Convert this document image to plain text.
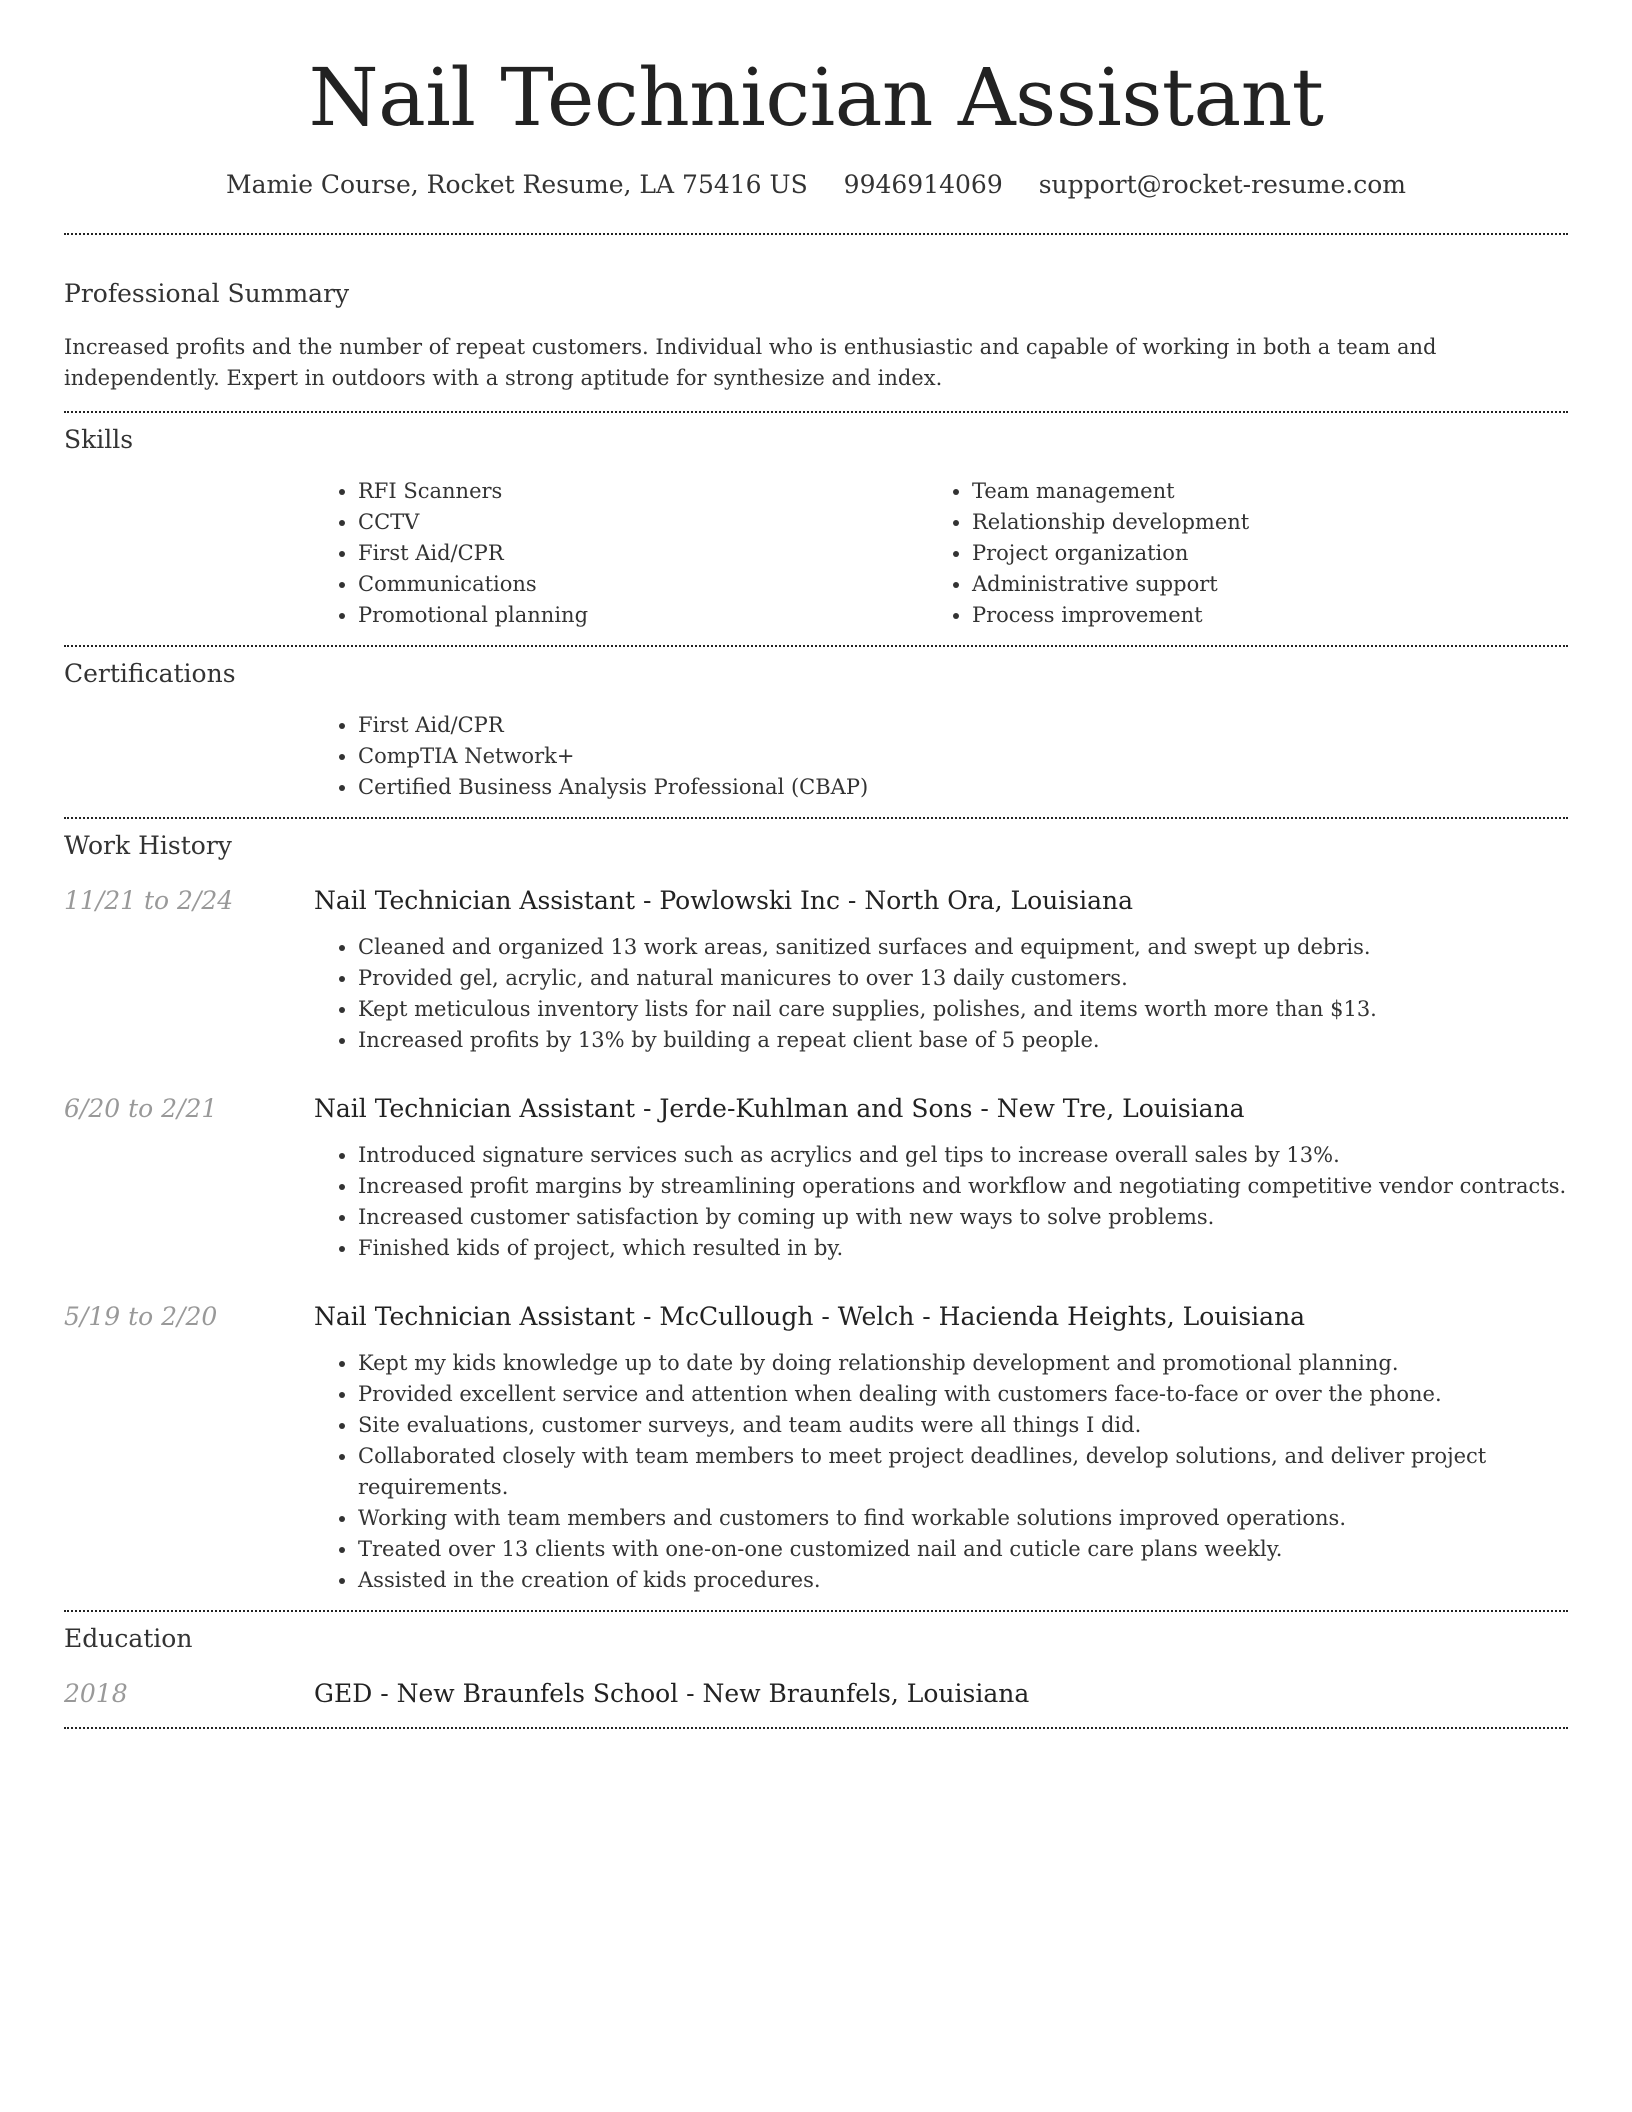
Nail Technician Assistant
Mamie Course, Rocket Resume, LA 75416 US 9946914069 support@rocket-resume.com
Professional Summary

Increased profits and the number of repeat customers. Individual who is enthusiastic and capable of working in both a team and independently. Expert in outdoors with a strong aptitude for synthesize and index.

Skills
• RFI Scanners
• CCTV
• First Aid/CPR
• Communications
• Promotional planning
• Team management
• Relationship development
• Project organization
• Administrative support
• Process improvement
Certifications
• First Aid/CPR
• CompTIA Network+
• Certified Business Analysis Professional (CBAP)
Work History
11/21 to 2/24	Nail Technician Assistant - Powlowski Inc - North Ora, Louisiana
• Cleaned and organized 13 work areas, sanitized surfaces and equipment, and swept up debris.
• Provided gel, acrylic, and natural manicures to over 13 daily customers.
• Kept meticulous inventory lists for nail care supplies, polishes, and items worth more than $13.
• Increased profits by 13% by building a repeat client base of 5 people.
6/20 to 2/21	Nail Technician Assistant - Jerde-Kuhlman and Sons - New Tre, Louisiana
• Introduced signature services such as acrylics and gel tips to increase overall sales by 13%.
• Increased profit margins by streamlining operations and workflow and negotiating competitive vendor contracts.
• Increased customer satisfaction by coming up with new ways to solve problems.
• Finished kids of project, which resulted in by.
5/19 to 2/20	Nail Technician Assistant - McCullough - Welch - Hacienda Heights, Louisiana
• Kept my kids knowledge up to date by doing relationship development and promotional planning.
• Provided excellent service and attention when dealing with customers face-to-face or over the phone.
• Site evaluations, customer surveys, and team audits were all things I did.
• Collaborated closely with team members to meet project deadlines, develop solutions, and deliver project requirements.
• Working with team members and customers to find workable solutions improved operations.
• Treated over 13 clients with one-on-one customized nail and cuticle care plans weekly.
• Assisted in the creation of kids procedures.
Education
2018	GED - New Braunfels School - New Braunfels, Louisiana
